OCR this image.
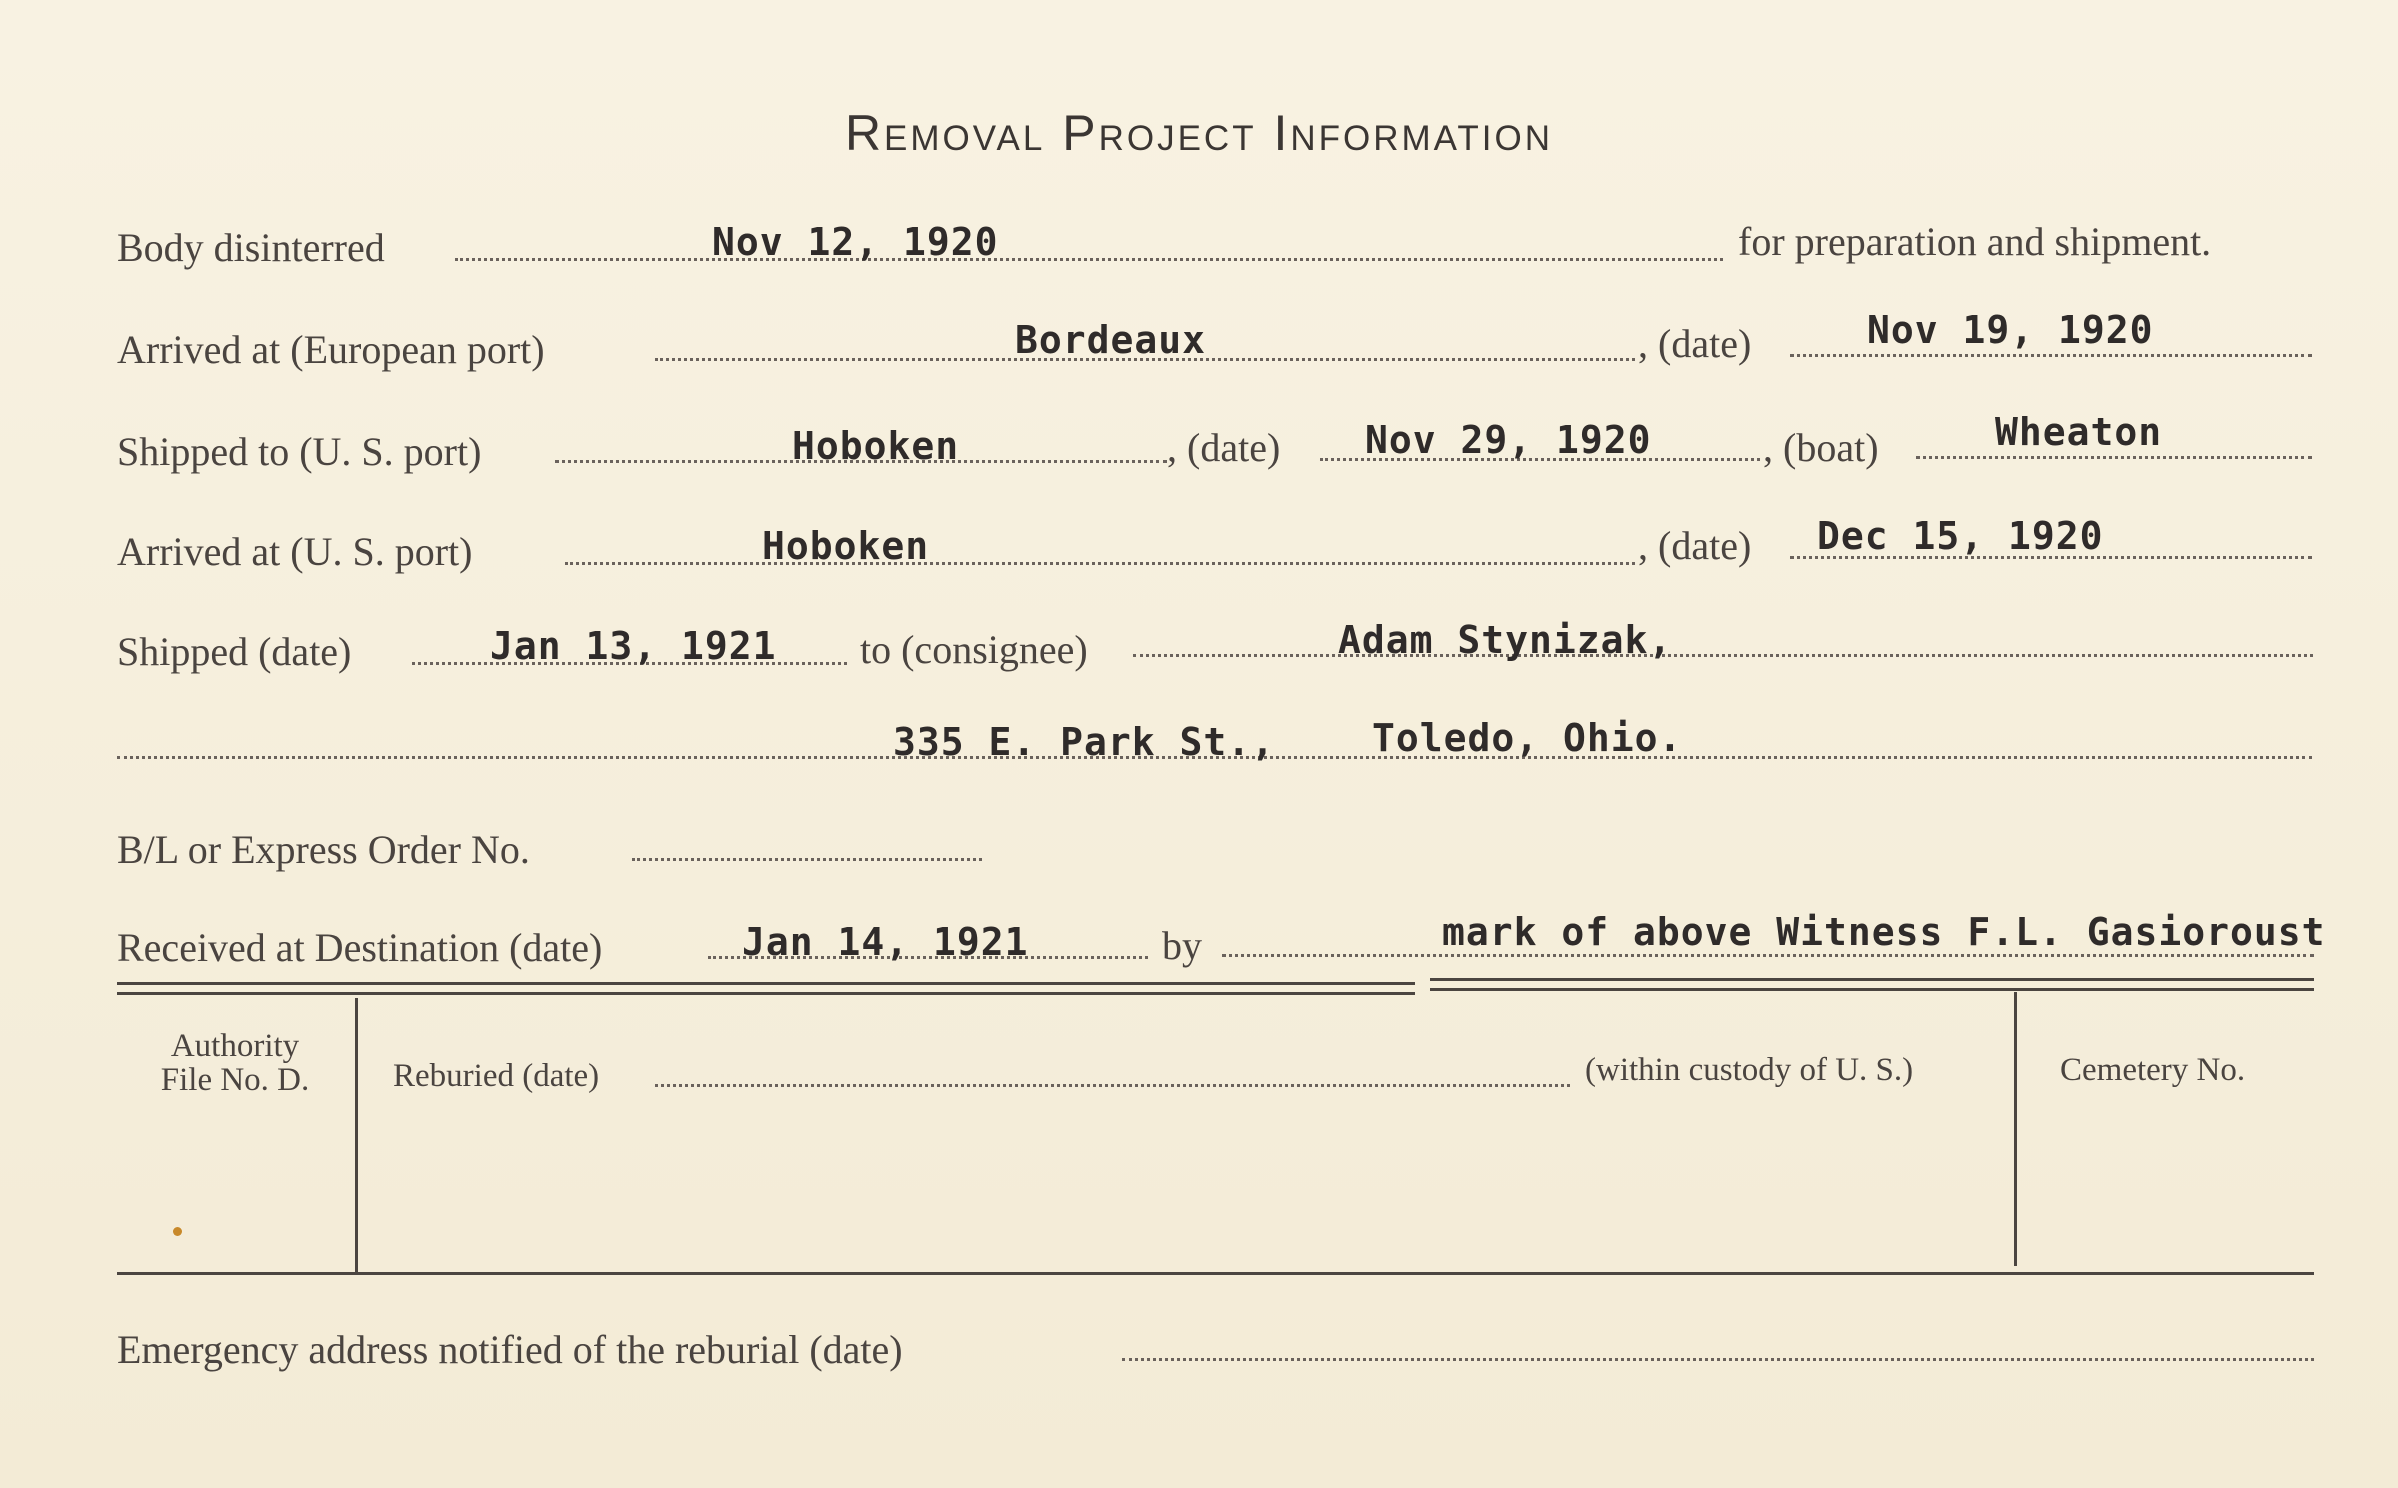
Removal Project Information
Body disinterred	Nov 12, 1920	for preparation and shipment.
Arrived at (European port)	Bordeaux	, (date)	Nov 19, 1920
Shipped to (U. S. port)	Hoboken	, (date) Nov 29, 1920	, (boat)	Wheaton
Arrived at (U. S. port)	Hoboken	, (date) Dec 15, 1920
Shipped (date)	Jan 13, 1921 to (consignee)	Adam Stynizak,
335 E. Park St.,	Toledo, Ohio.
B/L or Express Order No.
Received at Destination (date)	Jan 14, 1921	by	mark of above Witness F.L. Gasioroust
Authority
File No. D.	Reburied (date)	(within custody of U. S.)	Cemetery No.
Emergency address notified of the reburial (date)
